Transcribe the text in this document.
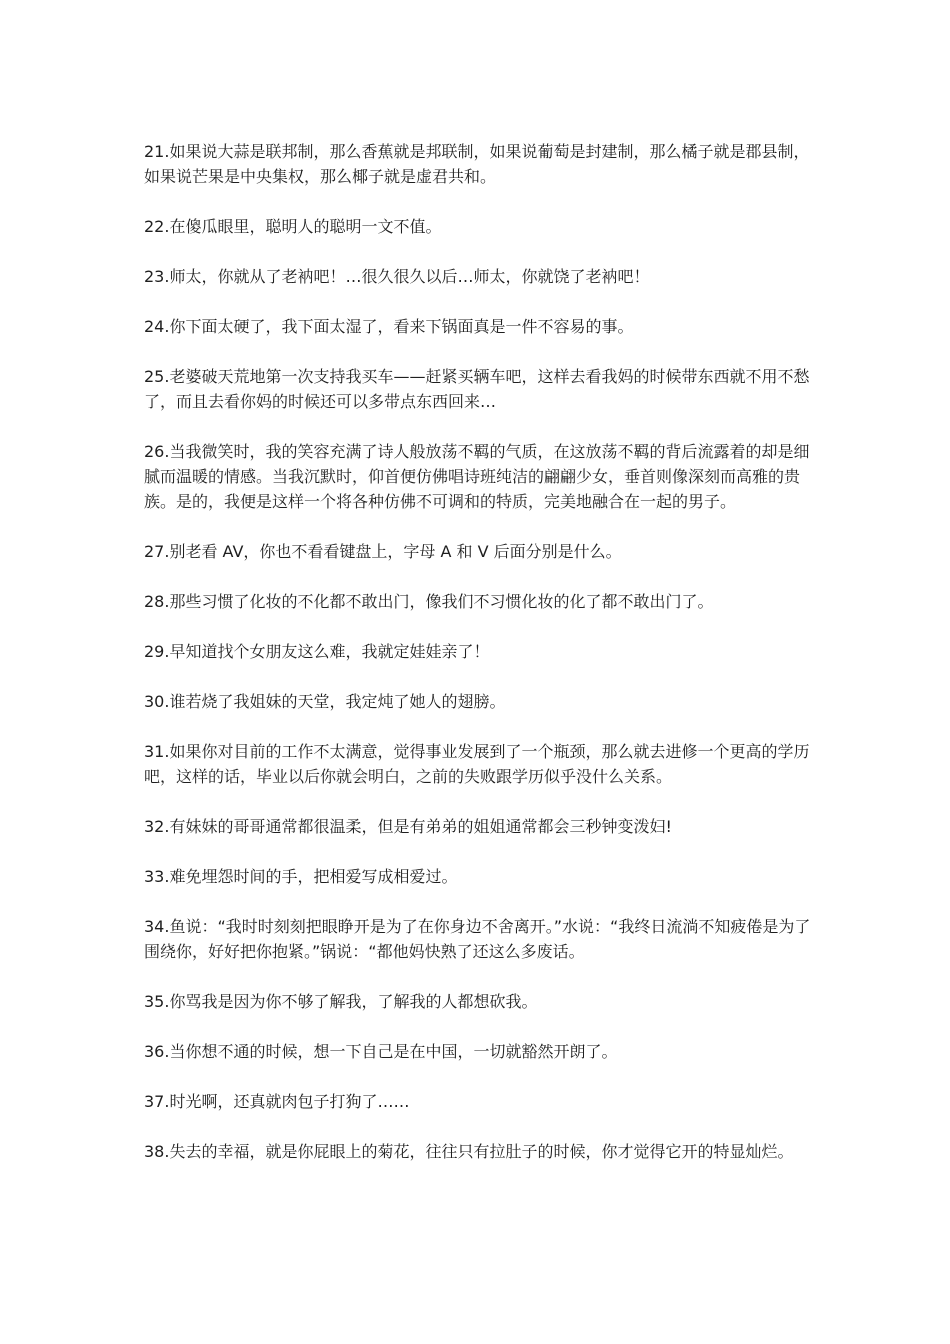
21.如果说大蒜是联邦制，那么香蕉就是邦联制，如果说葡萄是封建制，那么橘子就是郡县制，如果说芒果是中央集权，那么椰子就是虚君共和。

22.在傻瓜眼里，聪明人的聪明一文不值。

23.师太，你就从了老衲吧！…很久很久以后…师太，你就饶了老衲吧！

24.你下面太硬了，我下面太湿了，看来下锅面真是一件不容易的事。

25.老婆破天荒地第一次支持我买车——赶紧买辆车吧，这样去看我妈的时候带东西就不用不愁了，而且去看你妈的时候还可以多带点东西回来…

26.当我微笑时，我的笑容充满了诗人般放荡不羁的气质，在这放荡不羁的背后流露着的却是细腻而温暖的情感。当我沉默时，仰首便仿佛唱诗班纯洁的翩翩少女，垂首则像深刻而高雅的贵族。是的，我便是这样一个将各种仿佛不可调和的特质，完美地融合在一起的男子。

27.别老看 AV，你也不看看键盘上，字母 A 和 V 后面分别是什么。

28.那些习惯了化妆的不化都不敢出门，像我们不习惯化妆的化了都不敢出门了。

29.早知道找个女朋友这么难，我就定娃娃亲了！

30.谁若烧了我姐妹的天堂，我定炖了她人的翅膀。

31.如果你对目前的工作不太满意，觉得事业发展到了一个瓶颈，那么就去进修一个更高的学历吧，这样的话，毕业以后你就会明白，之前的失败跟学历似乎没什么关系。

32.有妹妹的哥哥通常都很温柔，但是有弟弟的姐姐通常都会三秒钟变泼妇!

33.难免埋怨时间的手，把相爱写成相爱过。

34.鱼说：“我时时刻刻把眼睁开是为了在你身边不舍离开。”水说：“我终日流淌不知疲倦是为了围绕你，好好把你抱紧。”锅说：“都他妈快熟了还这么多废话。

35.你骂我是因为你不够了解我，了解我的人都想砍我。

36.当你想不通的时候，想一下自己是在中国，一切就豁然开朗了。

37.时光啊，还真就肉包子打狗了……

38.失去的幸福，就是你屁眼上的菊花，往往只有拉肚子的时候，你才觉得它开的特显灿烂。
